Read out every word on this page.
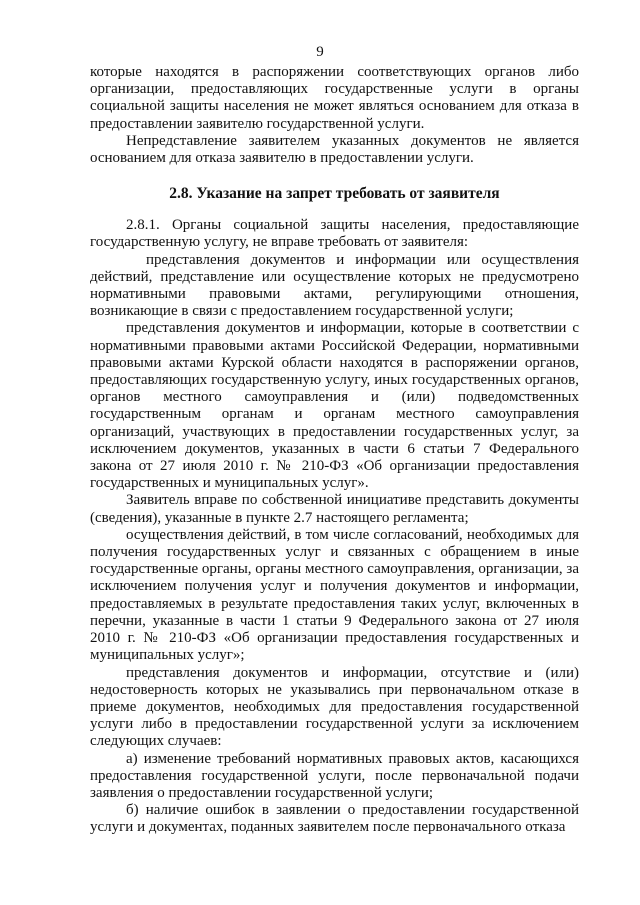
9

которые находятся в распоряжении соответствующих органов либо организации, предоставляющих государственные услуги в органы социальной защиты населения не может являться основанием для отказа в предоставлении заявителю государственной услуги.

Непредставление заявителем указанных документов не является основанием для отказа заявителю в предоставлении услуги.

2.8. Указание на запрет требовать от заявителя

2.8.1. Органы социальной защиты населения, предоставляющие государственную услугу, не вправе требовать от заявителя:

представления документов и информации или осуществления действий, представление или осуществление которых не предусмотрено нормативными правовыми актами, регулирующими отношения, возникающие в связи с предоставлением государственной услуги;

представления документов и информации, которые в соответствии с нормативными правовыми актами Российской Федерации, нормативными правовыми актами Курской области находятся в распоряжении органов, предоставляющих государственную услугу, иных государственных органов, органов местного самоуправления и (или) подведомственных государственным органам и органам местного самоуправления организаций, участвующих в предоставлении государственных услуг, за исключением документов, указанных в части 6 статьи 7 Федерального закона от 27 июля 2010 г. № 210-ФЗ «Об организации предоставления государственных и муниципальных услуг».

Заявитель вправе по собственной инициативе представить документы (сведения), указанные в пункте 2.7 настоящего регламента;

осуществления действий, в том числе согласований, необходимых для получения государственных услуг и связанных с обращением в иные государственные органы, органы местного самоуправления, организации, за исключением получения услуг и получения документов и информации, предоставляемых в результате предоставления таких услуг, включенных в перечни, указанные в части 1 статьи 9 Федерального закона от 27 июля 2010 г. № 210-ФЗ «Об организации предоставления государственных и муниципальных услуг»;

представления документов и информации, отсутствие и (или) недостоверность которых не указывались при первоначальном отказе в приеме документов, необходимых для предоставления государственной услуги либо в предоставлении государственной услуги за исключением следующих случаев:

а) изменение требований нормативных правовых актов, касающихся предоставления государственной услуги, после первоначальной подачи заявления о предоставлении государственной услуги;

б) наличие ошибок в заявлении о предоставлении государственной услуги и документах, поданных заявителем после первоначального отказа
